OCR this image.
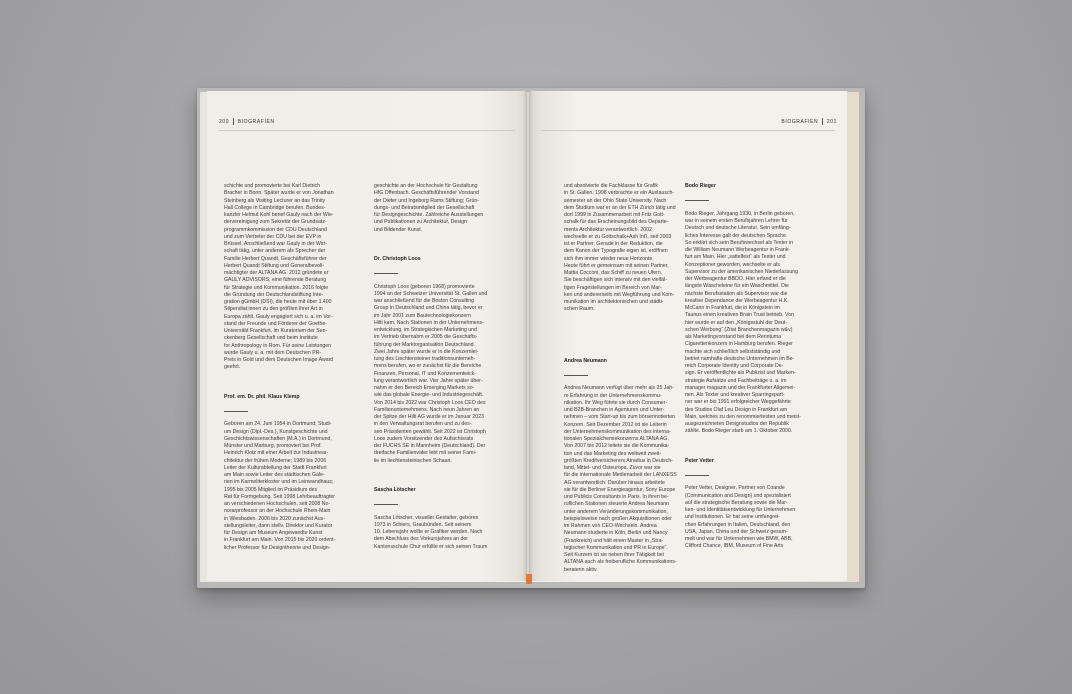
200 BIOGRAFIEN

schichte und promovierte bei Karl Dietrich

Bracher in Bonn. Später wurde er von Jonathan

Steinberg als Visiting Lecturer an das Trinity

Hall College in Cambridge berufen. Bundes-

kanzler Helmut Kohl berief Gauly nach der Wie-

dervereinigung zum Sekretär der Grundsatz-

programmkommission der CDU Deutschland

und zum Vertreter der CDU bei der EVP in

Brüssel. Anschließend war Gauly in der Wirt-

schaft tätig, unter anderem als Sprecher der

Familie Herbert Quandt, Geschäftsführer der

Herbert Quandt Stiftung und Generalbevoll-

mächtigter der ALTANA AG. 2012 gründete er

GAULY ADVISORS, eine führende Beratung

für Strategie und Kommunikation. 2016 folgte

die Gründung der Deutschlandstiftung Inte-

gration gGmbH (DSI), die heute mit über 1.400

Stipendiat:innen zu den größten ihrer Art in

Europa zählt. Gauly engagiert sich u. a. im Vor-

stand der Freunde und Förderer der Goethe-

Universität Frankfurt, im Kuratorium der Sen-

ckenberg Gesellschaft und beim Institute

for Anthropology in Rom. Für seine Leistungen

wurde Gauly u. a. mit dem Deutschen PR-

Preis in Gold und dem Deutschen Image Award

geehrt.

Prof. em. Dr. phil. Klaus Klemp

Geboren am 24. Juni 1954 in Dortmund; Studi-

um Design (Dipl.-Des.), Kunstgeschichte und

Geschichtswissenschaften (M.A.) in Dortmund,

Münster und Marburg, promoviert bei Prof.

Heinrich Klotz mit einer Arbeit zur Industriear-

chitektur der frühen Moderne; 1989 bis 2006

Leiter der Kulturabteilung der Stadt Frankfurt

am Main sowie Leiter des städtischen Gale-

rien im Karmeliterkloster und im Leinwandhaus;

1995 bis 2005 Mitglied im Präsidium des

Rat für Formgebung. Seit 1998 Lehrbeauftragter

an verschiedenen Hochschulen, seit 2008 No-

norarprofessor an der Hochschule Rhein-Main

in Wiesbaden. 2006 bis 2020 zunächst Aus-

stellungsleiter, dann stellv. Direktor und Kurator

für Design am Museum Angewandte Kunst

in Frankfurt am Main. Von 2015 bis 2020 ordent-

licher Professor für Designtheorie und Design-

geschichte an der Hochschule für Gestaltung

HfG Offenbach. Geschäftsführender Vorstand

der Dieter und Ingeborg Rams Stiftung; Grün-

dungs- und Beiratsmitglied der Gesellschaft

für Designgeschichte. Zahlreiche Ausstellungen

und Publikationen zu Architektur, Design

und Bildender Kunst.

Dr. Christoph Loos

Christoph Loos (geboren 1968) promovierte

1994 an der Schweizer Universität St. Gallen und

war anschließend für die Boston Consulting

Group in Deutschland und China tätig, bevor er

im Jahr 2001 zum Bautechnologiekonzern

Hilti kam. Nach Stationen in der Unternehmens-

entwicklung, im Strategischen Marketing und

im Vertrieb übernahm er 2005 die Geschäfts-

führung der Marktorganisation Deutschland.

Zwei Jahre später wurde er in die Konzernlei-

tung des Liechtensteiner traditionsunterneh-

mens berufen, wo er zunächst für die Bereiche

Finanzen, Personal, IT und Konzernentwick-

lung verantwortlich war. Vier Jahre später über-

nahm er den Bereich Emerging Markets so-

wie das globale Energie- und Industriegeschäft.

Von 2014 bis 2022 war Christoph Loos CEO des

Familienunternehmens. Nach neun Jahren an

der Spitze der Hilti AG wurde er im Januar 2023

in den Verwaltungsrat berufen und zu des-

sen Präsidenten gewählt. Seit 2022 ist Christoph

Loos zudem Vorsitzender des Aufsichtsrats

der FUCHS SE in Mannheim (Deutschland). Der

dreifache Familienvater lebt mit seiner Fami-

lie im liechtensteinischen Schaan.

Sascha Lötscher

Sascha Lötscher, visueller Gestalter, geboren

1973 in Schiers, Graubünden. Seit seinem

10. Lebensjahr wollte er Grafiker werden. Nach

dem Abschluss des Vorkursjahres an der

Kantonsschule Chur erfüllte er sich seinen Traum

BIOGRAFIEN 201

und absolvierte die Fachklasse für Grafik

in St. Gallen. 1998 verbrachte er ein Austausch-

semester an der Ohio State University. Nach

dem Studium war er an der ETH Zürich tätig und

dort 1999 in Zusammenarbeit mit Fritz Gott-

schalk für das Erscheinungsbild des Departe-

ments Architektur verantwortlich. 2002

wechselte er zu Gottschalk+Ash Int'l, seit 2003

ist er Partner. Gerade in der Reduktion, die

dem Kanon der Typografie eigen ist, eröffnen

sich ihm immer wieder neue Horizonte.

Heute führt er gemeinsam mit seinen Partner,

Mattia Cocconi, das Schiff zu neuen Ufern.

Sie beschäftigen sich intensiv mit den vielfäl-

tigen Fragestellungen im Bereich von Mar-

ken und andererseits mit Wegführung und Kom-

munikation im architektonischen und städti-

schen Raum.

Andrea Neumann

Andrea Neumann verfügt über mehr als 25 Jah-

re Erfahrung in der Unternehmenskommu-

nikation. Ihr Weg führte sie durch Consumer-

und B2B-Branchen in Agenturen und Unter-

nehmen – vom Start-up bis zum börsennotierten

Konzern. Seit Dezember 2012 ist sie Leiterin

der Unternehmenskommunikation des interna-

tionalen Spezialchemiekonzerns ALTANA AG.

Von 2007 bis 2012 leitete sie die Kommunika-

tion und das Marketing des weltweit zweit-

größten Kreditversicherers Atradius in Deutsch-

land, Mittel- und Osteuropa. Zuvor war sie

für die internationale Medienarbeit der LANXESS

AG verantwortlich. Darüber hinaus arbeitete

sie für die Berliner Energieagentur, Sony Europe

und Publicis Consultants in Paris. In ihren be-

ruflichen Stationen steuerte Andrea Neumann

unter anderem Veränderungskommunikation,

beispielsweise nach großen Akquisitionen oder

im Rahmen von CEO-Wechseln. Andrea

Neumann studierte in Köln, Berlin und Nancy

(Frankreich) und hält einen Master in „Stra-

tegischer Kommunikation und PR in Europe“.

Seit Kurzem ist sie neben ihrer Tätigkeit bei

ALTANA auch als freiberufliche Kommunikations-

beraterin aktiv.

Bodo Rieger

Bodo Rieger, Jahrgang 1930, in Berlin geboren,

war in seinem ersten Berufsjahren Lehrer für

Deutsch und deutsche Literatur. Sein umfäng-

liches Interesse galt der deutschen Sprache.

So erklärt sich sein Berufswechsel als Texter in

die William Neumann Werbeagentur in Frank-

furt am Main. Hier „sattelfest“ als Texter und

Konzeptioner geworden, wechselte er als

Supervisor zu der amerikanischen Niederlassung

der Werbeagentur BBDO. Hier erfand er die

längste Wäscheleine für ein Waschmittel. Die

nächste Berufsstation als Supervisor war die

kreative Dependance der Werbeagentur H.K.

McCann in Frankfurt, die in Königstein im

Taunus einen kreativen Brain Trust betrieb. Von

hier wurde er auf den „Königsstuhl der Deut-

schen Werbung“ (Zitat Branchenmagazin w&v)

als Marketingvorstand bei dem Renntuma

Cigarettenkonzern in Hamburg berufen. Rieger

machte sich schließlich selbstständig und

betriet namhafte deutsche Unternehmen im Be-

reich Corporate Identity und Corporate De-

sign. Er veröffentlichte als Publizist und Marken-

strategie Aufsätze und Fachbeiträge u. a. im

manager magazin und der Frankfurter Allgemei-

nen. Als Texter und kreativer Sparringspart-

ner war er bis 1991 erfolgreicher Weggefährte

des Studios Olaf Leu Design in Frankfurt am

Main, welches zu den renommiertesten und meist-

ausgezeichneten Designstudios der Republik

zählte. Bodo Rieger starb am 1. Oktober 2000.

Peter Vetter

Peter Vetter, Designer, Partner von Coande

(Communication and Design) und spezialisiert

auf die strategische Beratung sowie die Mar-

ken- und Identitätsentwicklung für Unternehmen

und Institutionen. Er hat seine umfangrei-

chen Erfahrungen in Italien, Deutschland, den

USA, Japan, China und der Schweiz gesam-

melt und war für Unternehmen wie BMW, ABB,

Clifford Chance, IBM, Museum of Fine Arts
